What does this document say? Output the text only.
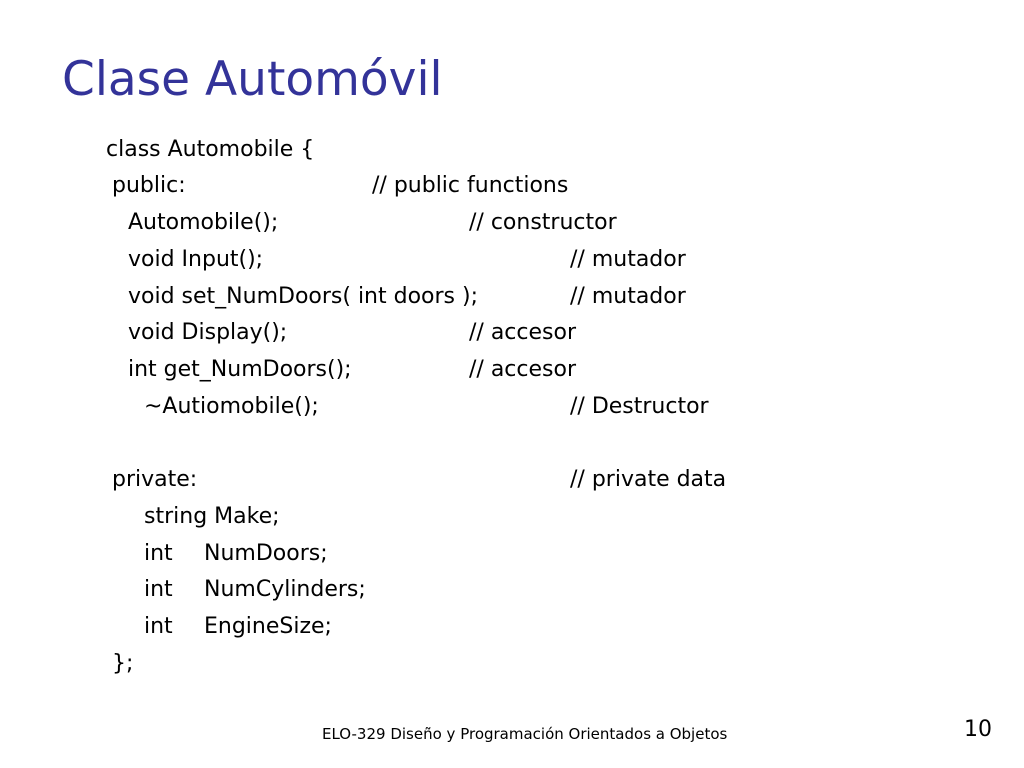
Clase Automóvil
class Automobile {
public:	// public functions
Automobile();	// constructor
void Input();	// mutador
void set_NumDoors( int doors );	// mutador
void Display();	// accesor
int get_NumDoors();	// accesor
~Autiomobile();	// Destructor
private:	// private data
string Make;
int NumDoors;
int NumCylinders;
int EngineSize;
};
ELO-329 Diseño y Programación Orientados a Objetos	10
